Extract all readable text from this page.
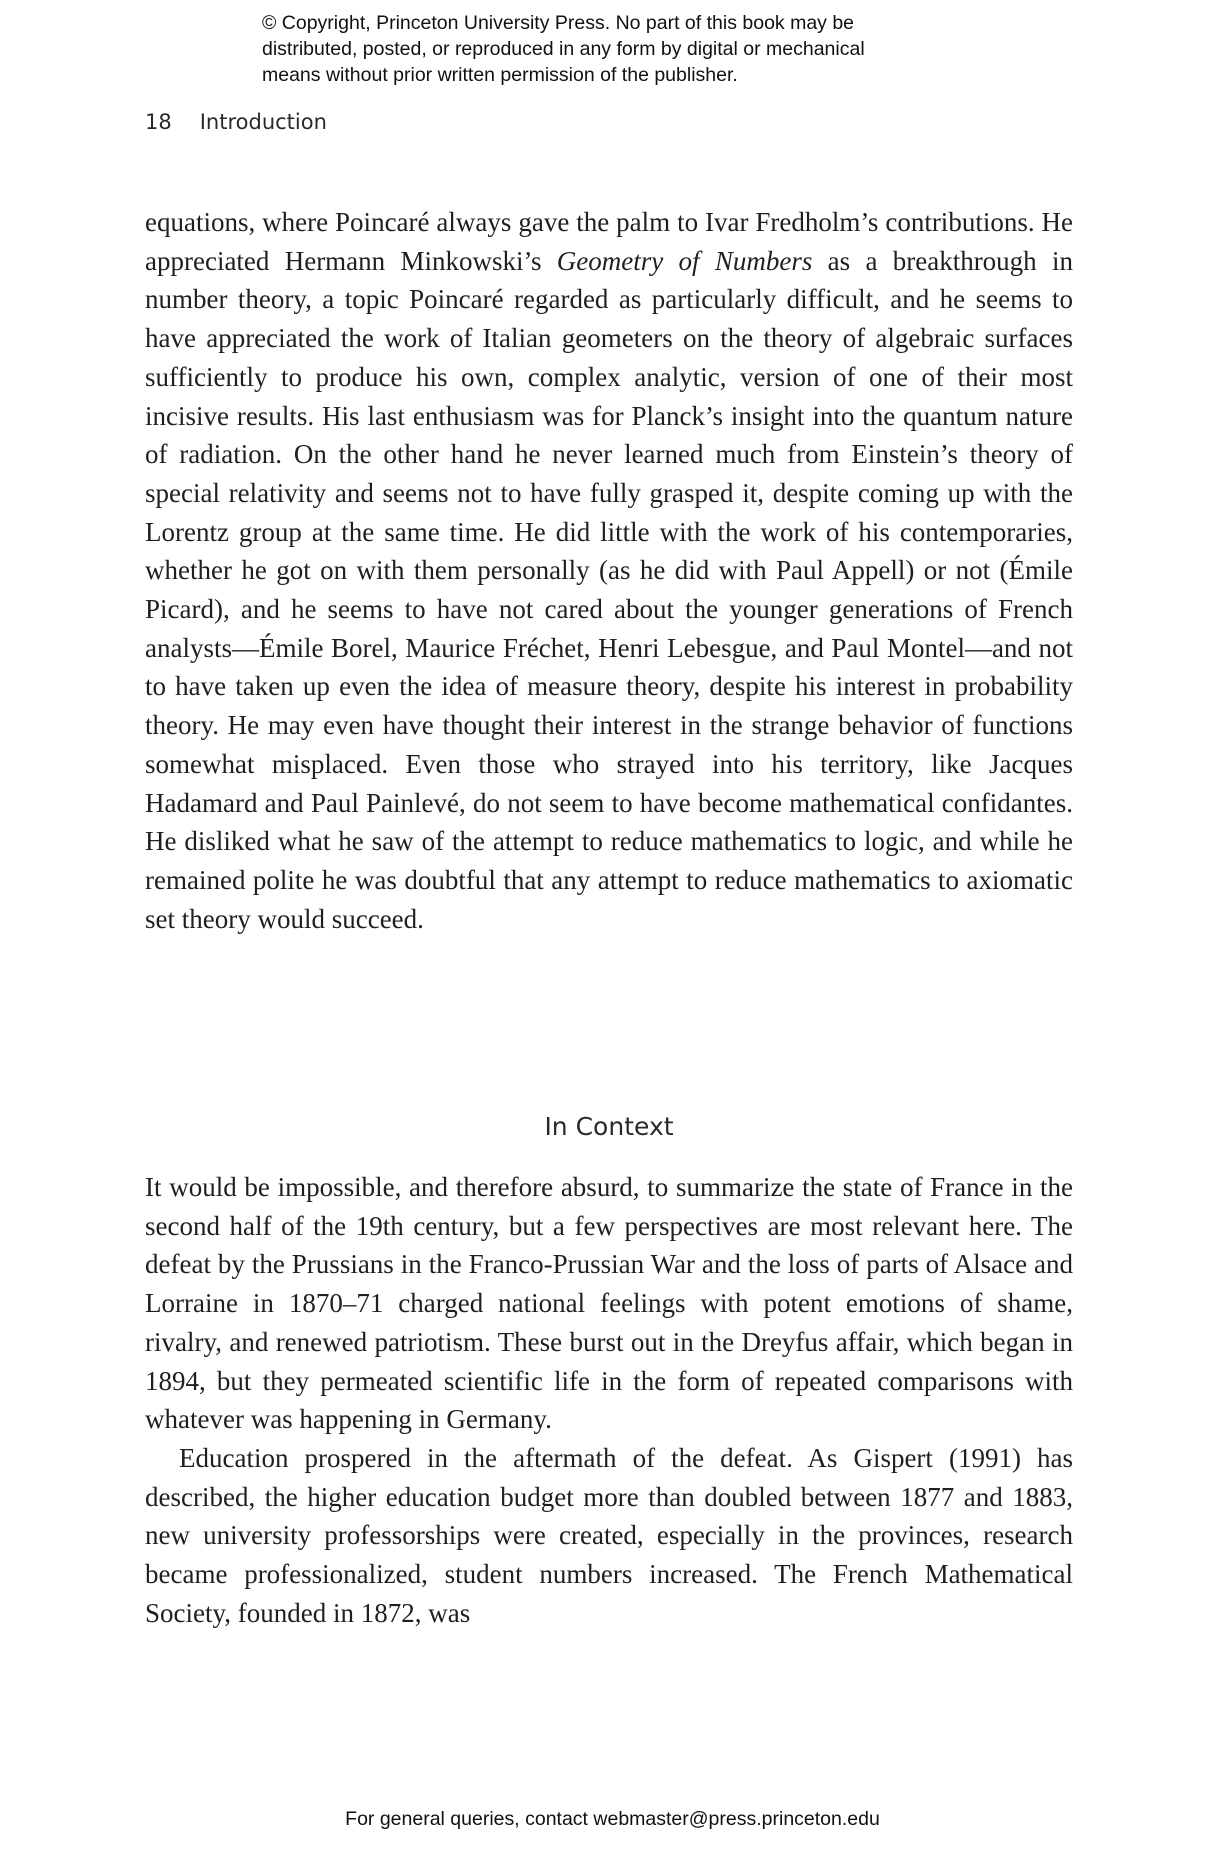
© Copyright, Princeton University Press. No part of this book may be
distributed, posted, or reproduced in any form by digital or mechanical
means without prior written permission of the publisher.
18 Introduction

equations, where Poincaré always gave the palm to Ivar Fredholm’s contributions. He appreciated Hermann Minkowski’s Geometry of Numbers as a breakthrough in number theory, a topic Poincaré regarded as particularly difficult, and he seems to have appreciated the work of Italian geometers on the theory of algebraic surfaces sufficiently to produce his own, complex analytic, version of one of their most incisive results. His last enthusiasm was for Planck’s insight into the quantum nature of radiation. On the other hand he never learned much from Einstein’s theory of special relativity and seems not to have fully grasped it, despite coming up with the Lorentz group at the same time. He did little with the work of his contemporaries, whether he got on with them personally (as he did with Paul Appell) or not (Émile Picard), and he seems to have not cared about the younger generations of French analysts—Émile Borel, Maurice Fréchet, Henri Lebesgue, and Paul Montel—and not to have taken up even the idea of measure theory, despite his interest in probability theory. He may even have thought their interest in the strange behavior of functions somewhat misplaced. Even those who strayed into his territory, like Jacques Hadamard and Paul Painlevé, do not seem to have become mathematical confidantes. He disliked what he saw of the attempt to reduce mathematics to logic, and while he remained polite he was doubtful that any attempt to reduce mathematics to axiomatic set theory would succeed.

In Context

It would be impossible, and therefore absurd, to summarize the state of France in the second half of the 19th century, but a few perspectives are most relevant here. The defeat by the Prussians in the Franco-Prussian War and the loss of parts of Alsace and Lorraine in 1870–71 charged national feelings with potent emotions of shame, rivalry, and renewed patriotism. These burst out in the Dreyfus affair, which began in 1894, but they permeated scientific life in the form of repeated comparisons with whatever was happening in Germany.

Education prospered in the aftermath of the defeat. As Gispert (1991) has described, the higher education budget more than doubled between 1877 and 1883, new university professorships were created, especially in the provinces, research became professionalized, student numbers increased. The French Mathematical Society, founded in 1872, was

For general queries, contact webmaster@press.princeton.edu
